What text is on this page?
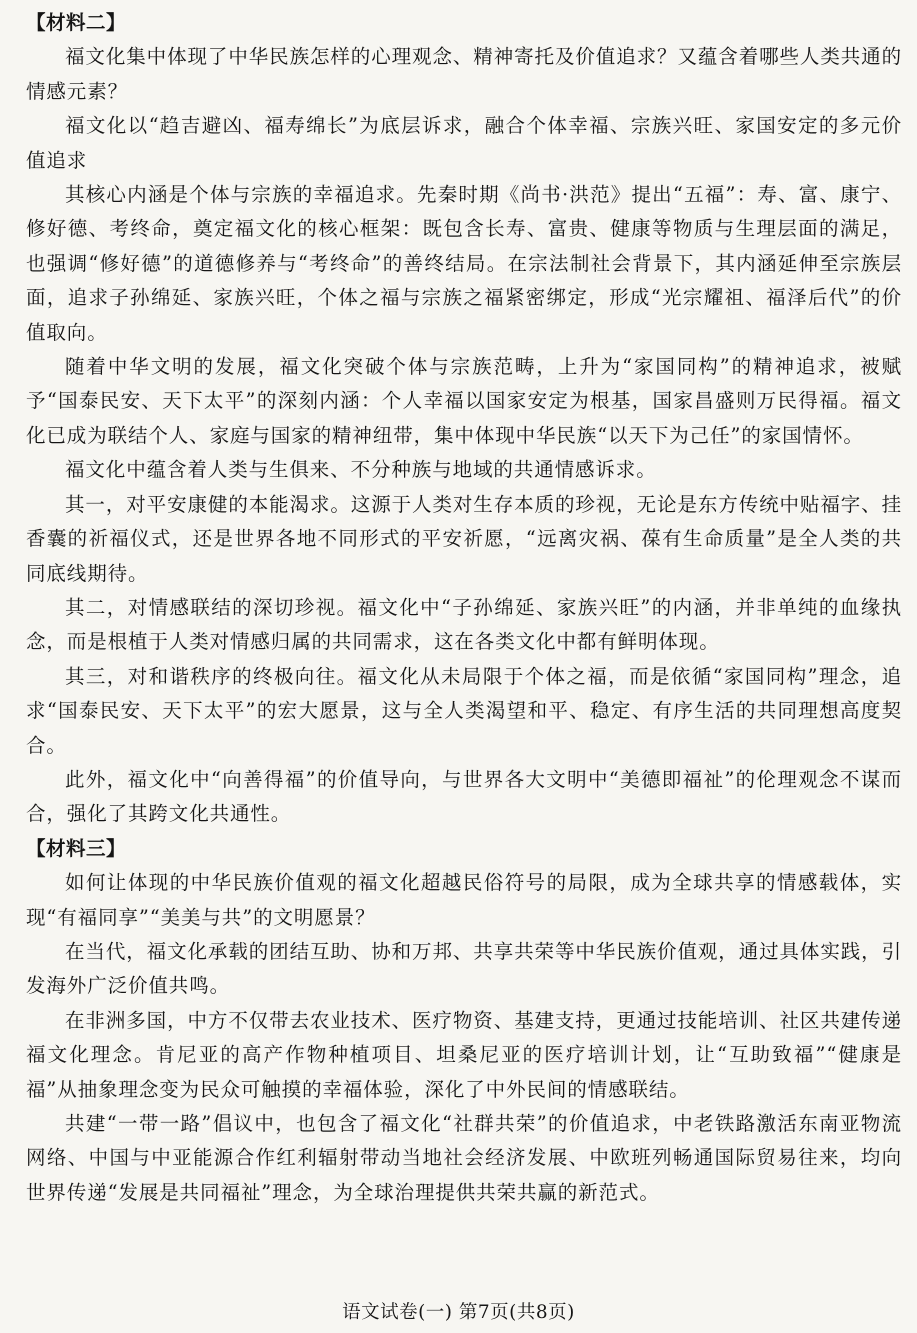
【材料二】

福文化集中体现了中华民族怎样的心理观念、精神寄托及价值追求？又蕴含着哪些人类共通的情感元素？

福文化以“趋吉避凶、福寿绵长”为底层诉求，融合个体幸福、宗族兴旺、家国安定的多元价值追求

其核心内涵是个体与宗族的幸福追求。先秦时期《尚书·洪范》提出“五福”：寿、富、康宁、修好德、考终命，奠定福文化的核心框架：既包含长寿、富贵、健康等物质与生理层面的满足，也强调“修好德”的道德修养与“考终命”的善终结局。在宗法制社会背景下，其内涵延伸至宗族层面，追求子孙绵延、家族兴旺，个体之福与宗族之福紧密绑定，形成“光宗耀祖、福泽后代”的价值取向。

随着中华文明的发展，福文化突破个体与宗族范畴，上升为“家国同构”的精神追求，被赋予“国泰民安、天下太平”的深刻内涵：个人幸福以国家安定为根基，国家昌盛则万民得福。福文化已成为联结个人、家庭与国家的精神纽带，集中体现中华民族“以天下为己任”的家国情怀。

福文化中蕴含着人类与生俱来、不分种族与地域的共通情感诉求。

其一，对平安康健的本能渴求。这源于人类对生存本质的珍视，无论是东方传统中贴福字、挂香囊的祈福仪式，还是世界各地不同形式的平安祈愿，“远离灾祸、葆有生命质量”是全人类的共同底线期待。

其二，对情感联结的深切珍视。福文化中“子孙绵延、家族兴旺”的内涵，并非单纯的血缘执念，而是根植于人类对情感归属的共同需求，这在各类文化中都有鲜明体现。

其三，对和谐秩序的终极向往。福文化从未局限于个体之福，而是依循“家国同构”理念，追求“国泰民安、天下太平”的宏大愿景，这与全人类渴望和平、稳定、有序生活的共同理想高度契合。

此外，福文化中“向善得福”的价值导向，与世界各大文明中“美德即福祉”的伦理观念不谋而合，强化了其跨文化共通性。

【材料三】

如何让体现的中华民族价值观的福文化超越民俗符号的局限，成为全球共享的情感载体，实现“有福同享”“美美与共”的文明愿景？

在当代，福文化承载的团结互助、协和万邦、共享共荣等中华民族价值观，通过具体实践，引发海外广泛价值共鸣。

在非洲多国，中方不仅带去农业技术、医疗物资、基建支持，更通过技能培训、社区共建传递福文化理念。肯尼亚的高产作物种植项目、坦桑尼亚的医疗培训计划，让“互助致福”“健康是福”从抽象理念变为民众可触摸的幸福体验，深化了中外民间的情感联结。

共建“一带一路”倡议中，也包含了福文化“社群共荣”的价值追求，中老铁路激活东南亚物流网络、中国与中亚能源合作红利辐射带动当地社会经济发展、中欧班列畅通国际贸易往来，均向世界传递“发展是共同福祉”理念，为全球治理提供共荣共赢的新范式。

语文试卷(一) 第7页(共8页)
